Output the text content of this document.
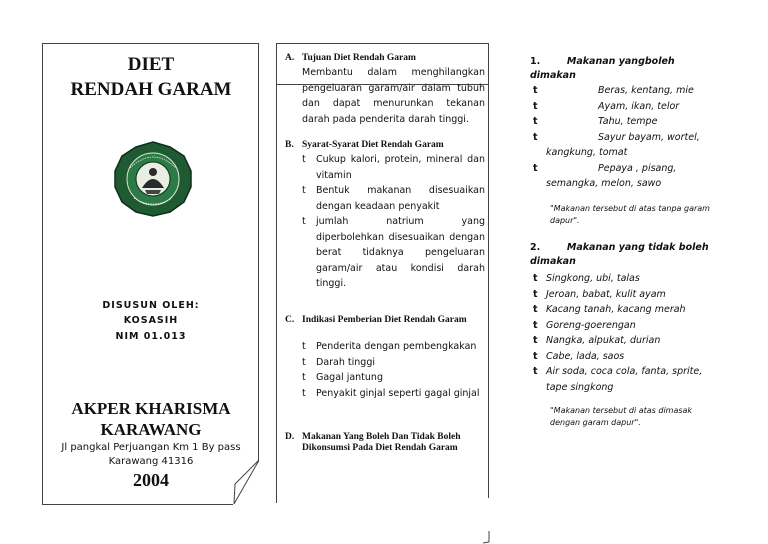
DIET
RENDAH GARAM
DISUSUN OLEH:
KOSASIH
NIM 01.013
AKPER KHARISMA
KARAWANG
Jl pangkal Perjuangan Km 1 By pass
Karawang 41316
2004
A. Tujuan Diet Rendah Garam
Membantu dalam menghilangkan pengeluaran garam/air dalam tubuh dan dapat menurunkan tekanan darah pada penderita darah tinggi.
B. Syarat-Syarat Diet Rendah Garam
t Cukup kalori, protein, mineral dan vitamin
t Bentuk makanan disesuaikan dengan keadaan penyakit
t jumlah natrium yang diperbolehkan disesuaikan dengan berat tidaknya pengeluaran garam/air atau kondisi darah tinggi.
C. Indikasi Pemberian Diet Rendah Garam
t Penderita dengan pembengkakan
t Darah tinggi
t Gagal jantung
t Penyakit ginjal seperti gagal ginjal
D. Makanan Yang Boleh Dan Tidak Boleh Dikonsumsi Pada Diet Rendah Garam
1.	Makanan yangboleh dimakan
t	Beras, kentang, mie
t	Ayam, ikan, telor
t	Tahu, tempe
t	Sayur bayam, wortel, kangkung, tomat
t	Pepaya , pisang, semangka, melon, sawo
"Makanan tersebut di atas tanpa garam dapur".
2.	Makanan yang tidak boleh dimakan
t Singkong, ubi, talas
t Jeroan, babat, kulit ayam
t Kacang tanah, kacang merah
t Goreng-goerengan
t Nangka, alpukat, durian
t Cabe, lada, saos
t Air soda, coca cola, fanta, sprite, tape singkong
"Makanan tersebut di atas dimasak dengan garam dapur".
